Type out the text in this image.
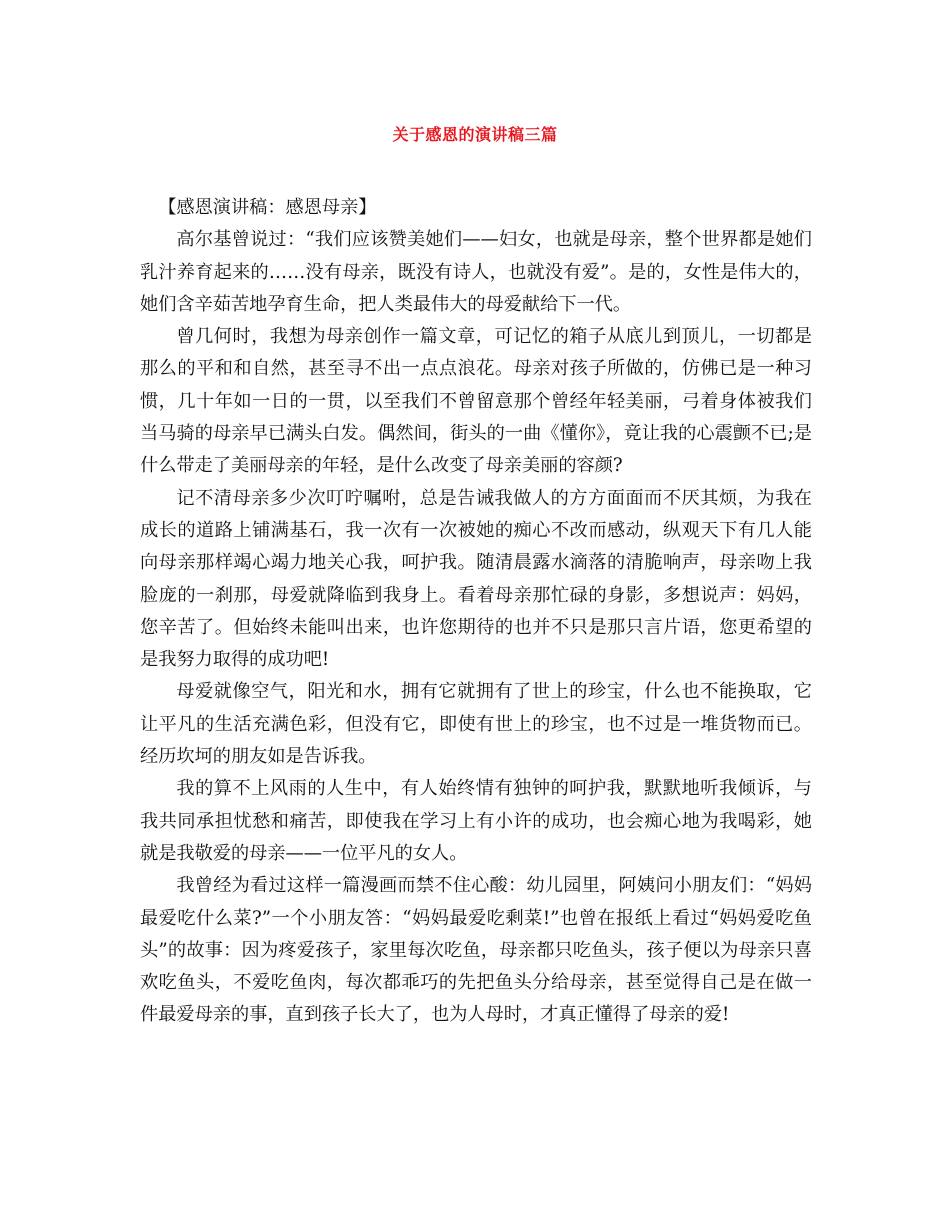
关于感恩的演讲稿三篇

【感恩演讲稿：感恩母亲】

高尔基曾说过：“我们应该赞美她们——妇女，也就是母亲，整个世界都是她们乳汁养育起来的……没有母亲，既没有诗人，也就没有爱”。是的，女性是伟大的，她们含辛茹苦地孕育生命，把人类最伟大的母爱献给下一代。

曾几何时，我想为母亲创作一篇文章，可记忆的箱子从底儿到顶儿，一切都是那么的平和和自然，甚至寻不出一点点浪花。母亲对孩子所做的，仿佛已是一种习惯，几十年如一日的一贯，以至我们不曾留意那个曾经年轻美丽，弓着身体被我们当马骑的母亲早已满头白发。偶然间，街头的一曲《懂你》，竟让我的心震颤不已;是什么带走了美丽母亲的年轻，是什么改变了母亲美丽的容颜?

记不清母亲多少次叮咛嘱咐，总是告诫我做人的方方面面而不厌其烦，为我在成长的道路上铺满基石，我一次有一次被她的痴心不改而感动，纵观天下有几人能向母亲那样竭心竭力地关心我，呵护我。随清晨露水滴落的清脆响声，母亲吻上我脸庞的一刹那，母爱就降临到我身上。看着母亲那忙碌的身影，多想说声：妈妈，您辛苦了。但始终未能叫出来，也许您期待的也并不只是那只言片语，您更希望的是我努力取得的成功吧!

母爱就像空气，阳光和水，拥有它就拥有了世上的珍宝，什么也不能换取，它让平凡的生活充满色彩，但没有它，即使有世上的珍宝，也不过是一堆货物而已。经历坎坷的朋友如是告诉我。

我的算不上风雨的人生中，有人始终情有独钟的呵护我，默默地听我倾诉，与我共同承担忧愁和痛苦，即使我在学习上有小许的成功，也会痴心地为我喝彩，她就是我敬爱的母亲——一位平凡的女人。

我曾经为看过这样一篇漫画而禁不住心酸：幼儿园里，阿姨问小朋友们：“妈妈最爱吃什么菜?”一个小朋友答：“妈妈最爱吃剩菜!”也曾在报纸上看过“妈妈爱吃鱼头”的故事：因为疼爱孩子，家里每次吃鱼，母亲都只吃鱼头，孩子便以为母亲只喜欢吃鱼头，不爱吃鱼肉，每次都乖巧的先把鱼头分给母亲，甚至觉得自己是在做一件最爱母亲的事，直到孩子长大了，也为人母时，才真正懂得了母亲的爱!
